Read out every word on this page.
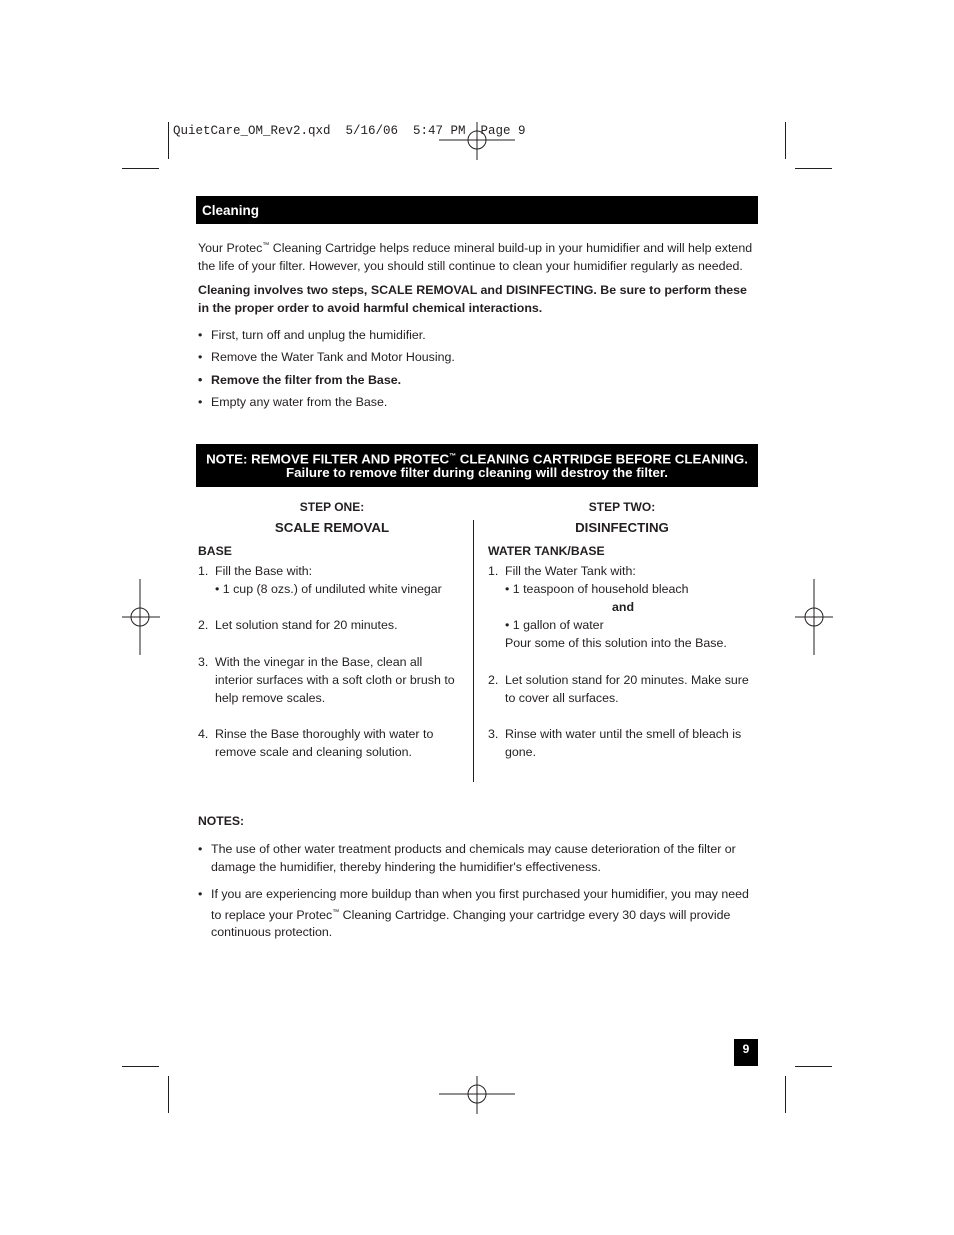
QuietCare_OM_Rev2.qxd  5/16/06  5:47 PM  Page 9
Cleaning
Your Protec™ Cleaning Cartridge helps reduce mineral build-up in your humidifier and will help extend the life of your filter. However, you should still continue to clean your humidifier regularly as needed.
Cleaning involves two steps, SCALE REMOVAL and DISINFECTING. Be sure to perform these in the proper order to avoid harmful chemical interactions.
• First, turn off and unplug the humidifier.
• Remove the Water Tank and Motor Housing.
• Remove the filter from the Base.
• Empty any water from the Base.
NOTE: REMOVE FILTER AND PROTEC™ CLEANING CARTRIDGE BEFORE CLEANING.
Failure to remove filter during cleaning will destroy the filter.
STEP ONE:
SCALE REMOVAL
BASE
1. Fill the Base with:
• 1 cup (8 ozs.) of undiluted white vinegar
2. Let solution stand for 20 minutes.
3. With the vinegar in the Base, clean all interior surfaces with a soft cloth or brush to help remove scales.
4. Rinse the Base thoroughly with water to remove scale and cleaning solution.
STEP TWO:
DISINFECTING
WATER TANK/BASE
1. Fill the Water Tank with:
• 1 teaspoon of household bleach
and
• 1 gallon of water
Pour some of this solution into the Base.
2. Let solution stand for 20 minutes. Make sure to cover all surfaces.
3. Rinse with water until the smell of bleach is gone.
NOTES:
• The use of other water treatment products and chemicals may cause deterioration of the filter or damage the humidifier, thereby hindering the humidifier's effectiveness.
• If you are experiencing more buildup than when you first purchased your humidifier, you may need to replace your Protec™ Cleaning Cartridge. Changing your cartridge every 30 days will provide continuous protection.
9
